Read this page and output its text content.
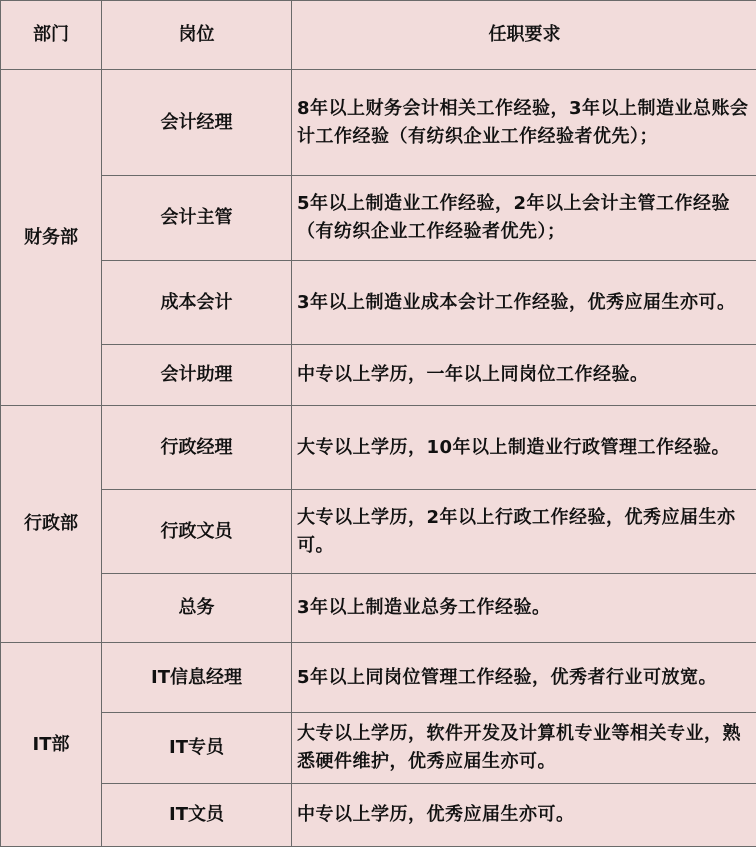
部门	岗位	任职要求
财务部	会计经理	8年以上财务会计相关工作经验，3年以上制造业总账会计工作经验（有纺织企业工作经验者优先）；
	会计主管	5年以上制造业工作经验，2年以上会计主管工作经验（有纺织企业工作经验者优先）；
	成本会计	3年以上制造业成本会计工作经验，优秀应届生亦可。
	会计助理	中专以上学历，一年以上同岗位工作经验。
行政部	行政经理	大专以上学历，10年以上制造业行政管理工作经验。
	行政文员	大专以上学历，2年以上行政工作经验，优秀应届生亦可。
	总务	3年以上制造业总务工作经验。
IT部	IT信息经理	5年以上同岗位管理工作经验，优秀者行业可放宽。
	IT专员	大专以上学历，软件开发及计算机专业等相关专业，熟悉硬件维护，优秀应届生亦可。
	IT文员	中专以上学历，优秀应届生亦可。
